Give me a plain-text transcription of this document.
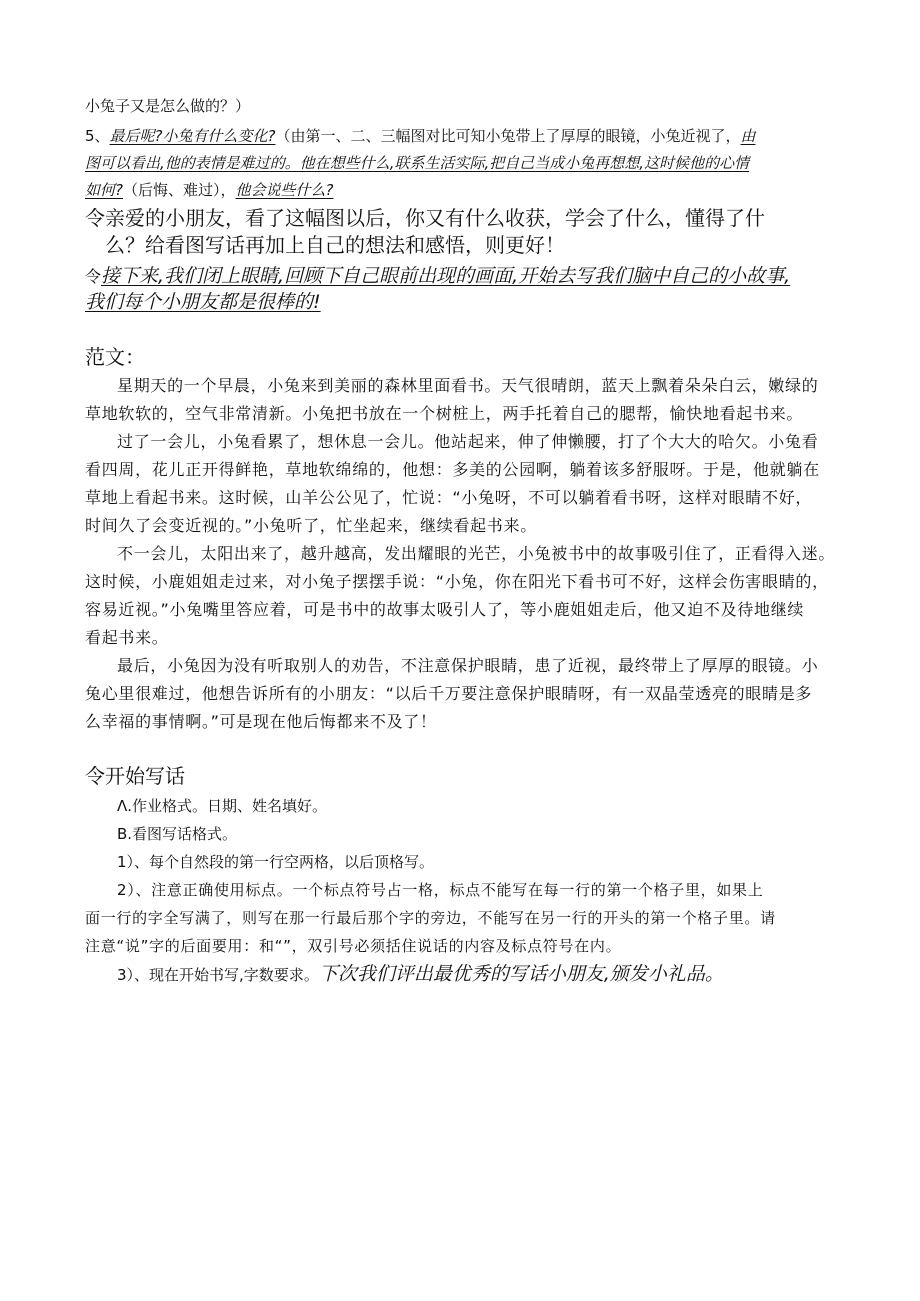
小兔子又是怎么做的？）
5、最后呢?小兔有什么变化?（由第一、二、三幅图对比可知小兔带上了厚厚的眼镜，小兔近视了，由
图可以看出,他的表情是难过的。他在想些什么,联系生活实际,把自己当成小兔再想想,这时候他的心情
如何?（后悔、难过），他会说些什么?
令亲爱的小朋友，看了这幅图以后，你又有什么收获，学会了什么，懂得了什
么？给看图写话再加上自己的想法和感悟，则更好！
令接下来,我们闭上眼睛,回顾下自己眼前出现的画面,开始去写我们脑中自己的小故事,
我们每个小朋友都是很棒的!
范文：
星期天的一个早晨，小兔来到美丽的森林里面看书。天气很晴朗，蓝天上飘着朵朵白云，嫩绿的
草地软软的，空气非常清新。小兔把书放在一个树桩上，两手托着自己的腮帮，愉快地看起书来。
过了一会儿，小兔看累了，想休息一会儿。他站起来，伸了伸懒腰，打了个大大的哈欠。小兔看
看四周，花儿正开得鲜艳，草地软绵绵的，他想：多美的公园啊，躺着该多舒服呀。于是，他就躺在
草地上看起书来。这时候，山羊公公见了，忙说：“小兔呀，不可以躺着看书呀，这样对眼睛不好，
时间久了会变近视的。”小兔听了，忙坐起来，继续看起书来。
不一会儿，太阳出来了，越升越高，发出耀眼的光芒，小兔被书中的故事吸引住了，正看得入迷。
这时候，小鹿姐姐走过来，对小兔子摆摆手说：“小兔，你在阳光下看书可不好，这样会伤害眼睛的，
容易近视。”小兔嘴里答应着，可是书中的故事太吸引人了，等小鹿姐姐走后，他又迫不及待地继续
看起书来。
最后，小兔因为没有听取别人的劝告，不注意保护眼睛，患了近视，最终带上了厚厚的眼镜。小
兔心里很难过，他想告诉所有的小朋友：“以后千万要注意保护眼睛呀，有一双晶莹透亮的眼睛是多
么幸福的事情啊。”可是现在他后悔都来不及了！
令开始写话
Λ.作业格式。日期、姓名填好。
B.看图写话格式。
1）、每个自然段的第一行空两格，以后顶格写。
2）、注意正确使用标点。一个标点符号占一格，标点不能写在每一行的第一个格子里，如果上
面一行的字全写满了，则写在那一行最后那个字的旁边，不能写在另一行的开头的第一个格子里。请
注意“说”字的后面要用：和“”，双引号必须括住说话的内容及标点符号在内。
3）、现在开始书写,字数要求。下次我们评出最优秀的写话小朋友,颁发小礼品。
